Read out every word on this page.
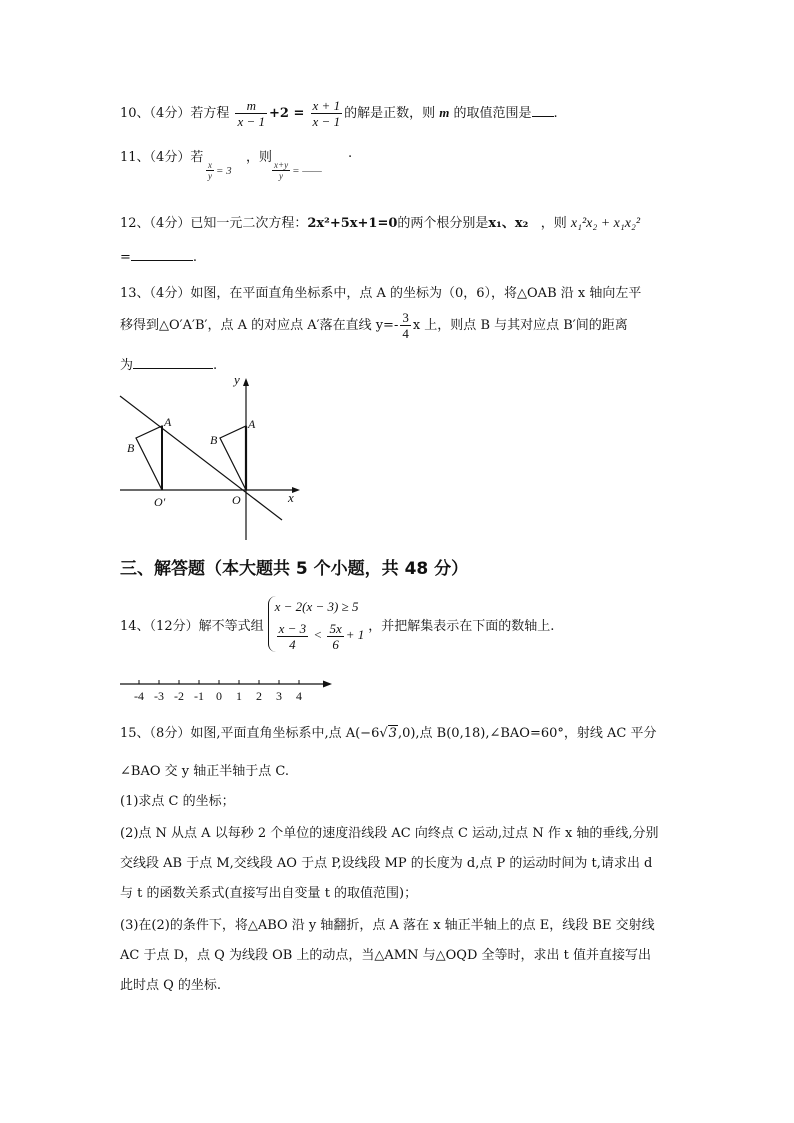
10、（4分）若方程 $\frac{m}{x - 1} +2 = \frac{x + 1}{x - 1}$ 的解是正数，则 m 的取值范围是 .
11、（4分）若
$\frac{x}{y} = 3$
，则
$\frac{x+y}{y}$ = ——
.
12、（4分）已知一元二次方程：2x²+5x+1=0的两个根分别是x₁、x₂ ，则 x₁²x₂ + x₁x₂²
=	.
13、（4分）如图，在平面直角坐标系中，点 A 的坐标为（0，6），将△OAB 沿 x 轴向左平
移得到△O′A′B′，点 A 的对应点 A′落在直线 $y=- \frac{3}{4}$ x 上，则点 B 与其对应点 B′间的距离
为	.
y
x
O
O′
A
B
A
B
三、解答题（本大题共 5 个小题，共 48 分）
14、（12分）解不等式组
x − 2(x − 3) ≥ 5
$\frac{x - 3}{4} < \frac{5x}{6} + 1$
，并把解集表示在下面的数轴上.
-4 -3 -2 -1 0 1 2 3 4
15、（8分）如图,平面直角坐标系中,点 A(−6√3,0),点 B(0,18),∠BAO=60°，射线 AC 平分
∠BAO 交 y 轴正半轴于点 C.
(1)求点 C 的坐标；
(2)点 N 从点 A 以每秒 2 个单位的速度沿线段 AC 向终点 C 运动,过点 N 作 x 轴的垂线,分别
交线段 AB 于点 M,交线段 AO 于点 P,设线段 MP 的长度为 d,点 P 的运动时间为 t,请求出 d
与 t 的函数关系式(直接写出自变量 t 的取值范围)；
(3)在(2)的条件下，将△ABO 沿 y 轴翻折，点 A 落在 x 轴正半轴上的点 E，线段 BE 交射线
AC 于点 D，点 Q 为线段 OB 上的动点，当△AMN 与△OQD 全等时，求出 t 值并直接写出
此时点 Q 的坐标.
